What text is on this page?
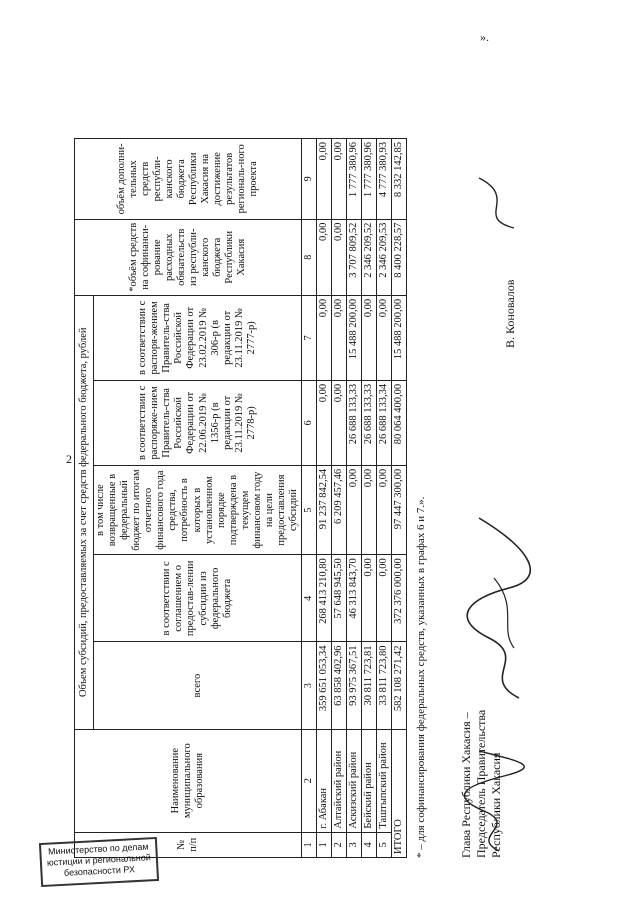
2
№ п/п	Наименование муниципального образования	Объем субсидий, предоставляемых за счет средств федерального бюджета, рублей					*объём средств на софинанси-рование расходных обязательств из республи-канского бюджета Республики Хакасия	объём дополни-тельных средств республи-канского бюджета Республики Хакасия на достижение результатов региональ-ного проекта
		всего	в соответствии с соглашением о предостав-лении субсидии из федерального бюджета	в том числе возвращенные в федеральный бюджет по итогам отчетного финансового года средства, потребность в которых в установленном порядке подтверждена в текущем финансовом году на цели предоставления субсидий	в соответствии с распоряже-нием Правитель-ства Российской Федерации от 22.06.2019 № 1356-р (в редакции от 23.11.2019 № 2778-р)	в соответствии с распоря-жением Правитель-ства Российской Федерации от 23.02.2019 № 306-р (в редакции от 23.11.2019 № 2777-р)		
1	2	3	4	5	6	7	8	9
1	г. Абакан	359 651 053,34	268 413 210,80	91 237 842,54	0,00	0,00	0,00	0,00
2	Алтайский район	63 858 402,96	57 648 945,50	6 209 457,46	0,00	0,00	0,00	0,00
3	Аскизский район	93 975 367,51	46 313 843,70	0,00	26 688 133,33	15 488 200,00	3 707 809,52	1 777 380,96
4	Бейский район	30 811 723,81	0,00	0,00	26 688 133,33	0,00	2 346 209,52	1 777 380,96
5	Таштыпский район	33 811 723,80	0,00	0,00	26 688 133,34	0,00	2 346 209,53	4 777 380,93
ИТОГО		582 108 271,42	372 376 000,00	97 447 300,00	80 064 400,00	15 488 200,00	8 400 228,57	8 332 142,85
* – для софинансирования федеральных средств, указанных в графах 6 и 7.».	Глава Республики Хакасия – Председатель Правительства Республики Хакасия
В. Коновалов
».
Министерство по делам
юстиции и региональной
безопасности РХ
